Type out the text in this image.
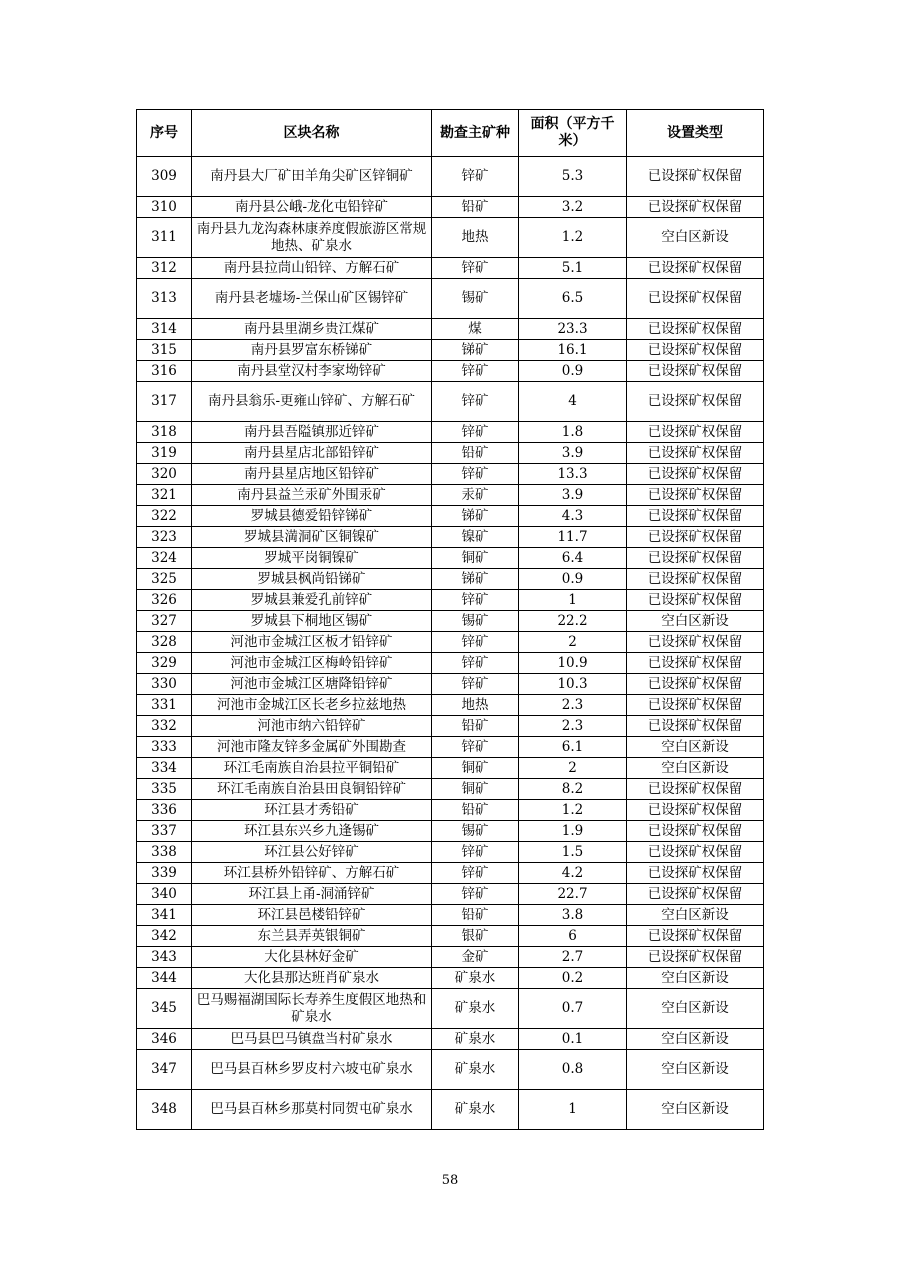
序号	区块名称	勘查主矿种	面积（平方千米）	设置类型
309	南丹县大厂矿田羊角尖矿区锌铜矿	锌矿	5.3	已设探矿权保留
310	南丹县公峨-龙化屯铅锌矿	铅矿	3.2	已设探矿权保留
311	南丹县九龙沟森林康养度假旅游区常规地热、矿泉水	地热	1.2	空白区新设
312	南丹县拉茼山铅锌、方解石矿	锌矿	5.1	已设探矿权保留
313	南丹县老墟场-兰保山矿区锡锌矿	锡矿	6.5	已设探矿权保留
314	南丹县里湖乡贵江煤矿	煤	23.3	已设探矿权保留
315	南丹县罗富东桥锑矿	锑矿	16.1	已设探矿权保留
316	南丹县堂汉村李家坳锌矿	锌矿	0.9	已设探矿权保留
317	南丹县翁乐-更雍山锌矿、方解石矿	锌矿	4	已设探矿权保留
318	南丹县吾隘镇那近锌矿	锌矿	1.8	已设探矿权保留
319	南丹县星店北部铅锌矿	铅矿	3.9	已设探矿权保留
320	南丹县星店地区铅锌矿	锌矿	13.3	已设探矿权保留
321	南丹县益兰汞矿外围汞矿	汞矿	3.9	已设探矿权保留
322	罗城县德爱铅锌锑矿	锑矿	4.3	已设探矿权保留
323	罗城县満洞矿区铜镍矿	镍矿	11.7	已设探矿权保留
324	罗城平岗铜镍矿	铜矿	6.4	已设探矿权保留
325	罗城县枫尚铅锑矿	锑矿	0.9	已设探矿权保留
326	罗城县兼爱孔前锌矿	锌矿	1	已设探矿权保留
327	罗城县下桐地区锡矿	锡矿	22.2	空白区新设
328	河池市金城江区板才铅锌矿	锌矿	2	已设探矿权保留
329	河池市金城江区梅岭铅锌矿	锌矿	10.9	已设探矿权保留
330	河池市金城江区塘降铅锌矿	锌矿	10.3	已设探矿权保留
331	河池市金城江区长老乡拉兹地热	地热	2.3	已设探矿权保留
332	河池市纳六铅锌矿	铅矿	2.3	已设探矿权保留
333	河池市隆友锌多金属矿外围勘查	锌矿	6.1	空白区新设
334	环江毛南族自治县拉平铜铅矿	铜矿	2	空白区新设
335	环江毛南族自治县田良铜铅锌矿	铜矿	8.2	已设探矿权保留
336	环江县才秀铅矿	铅矿	1.2	已设探矿权保留
337	环江县东兴乡九逢锡矿	锡矿	1.9	已设探矿权保留
338	环江县公好锌矿	锌矿	1.5	已设探矿权保留
339	环江县桥外铅锌矿、方解石矿	锌矿	4.2	已设探矿权保留
340	环江县上甬-洞涌锌矿	锌矿	22.7	已设探矿权保留
341	环江县邑楼铅锌矿	铅矿	3.8	空白区新设
342	东兰县弄英银铜矿	银矿	6	已设探矿权保留
343	大化县林好金矿	金矿	2.7	已设探矿权保留
344	大化县那达班肖矿泉水	矿泉水	0.2	空白区新设
345	巴马赐福湖国际长寿养生度假区地热和矿泉水	矿泉水	0.7	空白区新设
346	巴马县巴马镇盘当村矿泉水	矿泉水	0.1	空白区新设
347	巴马县百林乡罗皮村六坡屯矿泉水	矿泉水	0.8	空白区新设
348	巴马县百林乡那莫村同贺屯矿泉水	矿泉水	1	空白区新设
58
